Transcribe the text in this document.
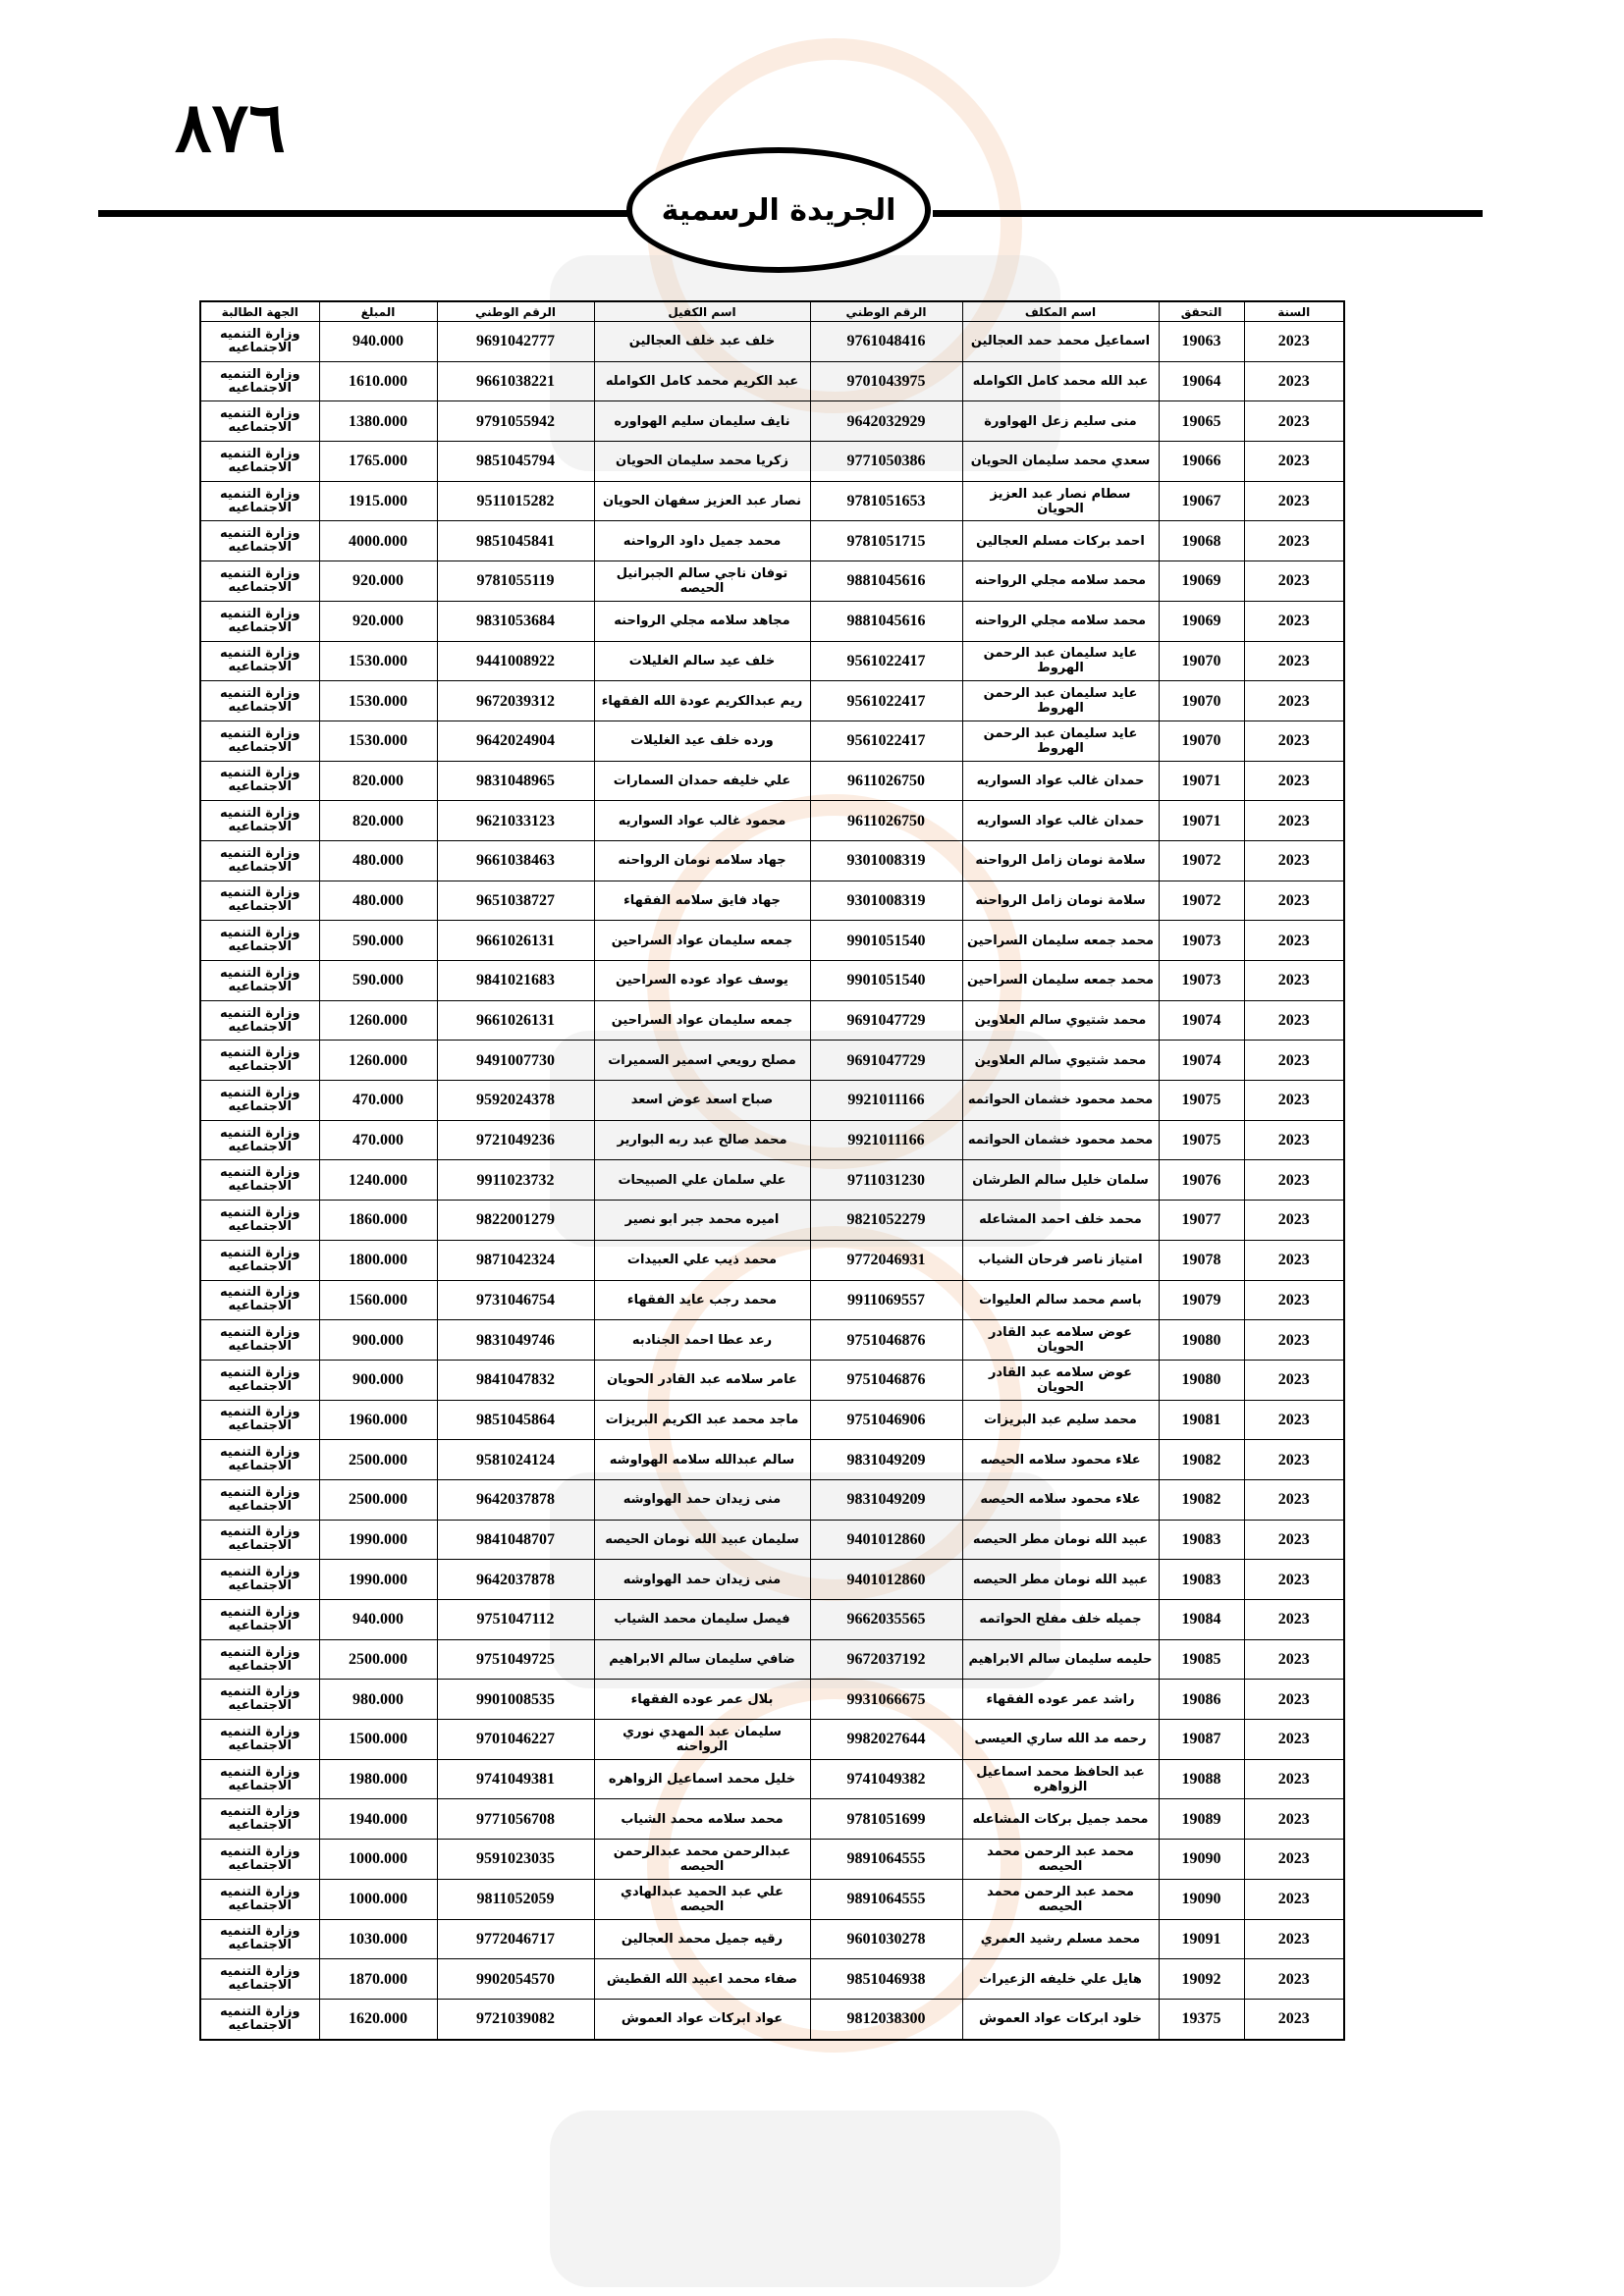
٨٧٦
الجريدة الرسمية
السنة	التحقق	اسم المكلف	الرقم الوطني	اسم الكفيل	الرقم الوطني	المبلغ	الجهة الطالبة
2023	19063	اسماعيل محمد حمد العجالين	9761048416	خلف عبد خلف العجالين	9691042777	940.000	وزارة التنميه الاجتماعيه
2023	19064	عبد الله محمد كامل الكوامله	9701043975	عبد الكريم محمد كامل الكوامله	9661038221	1610.000	وزارة التنميه الاجتماعيه
2023	19065	منى سليم زعل الهواورة	9642032929	نايف سليمان سليم الهواوره	9791055942	1380.000	وزارة التنميه الاجتماعيه
2023	19066	سعدي محمد سليمان الحويان	9771050386	زكريا محمد سليمان الحويان	9851045794	1765.000	وزارة التنميه الاجتماعيه
2023	19067	سطام نصار عبد العزيز الحويان	9781051653	نصار عبد العزيز سفهان الحويان	9511015282	1915.000	وزارة التنميه الاجتماعيه
2023	19068	احمد بركات مسلم العجالين	9781051715	محمد جميل داود الرواحنه	9851045841	4000.000	وزارة التنميه الاجتماعيه
2023	19069	محمد سلامه مجلي الرواحنه	9881045616	توفان ناجي سالم الجبرانيل الحيصه	9781055119	920.000	وزارة التنميه الاجتماعيه
2023	19069	محمد سلامه مجلي الرواحنه	9881045616	مجاهد سلامه مجلي الرواحنه	9831053684	920.000	وزارة التنميه الاجتماعيه
2023	19070	عايد سليمان عبد الرحمن الهروط	9561022417	خلف عيد سالم الغليلات	9441008922	1530.000	وزارة التنميه الاجتماعيه
2023	19070	عايد سليمان عبد الرحمن الهروط	9561022417	ريم عبدالكريم عودة الله الفقهاء	9672039312	1530.000	وزارة التنميه الاجتماعيه
2023	19070	عايد سليمان عبد الرحمن الهروط	9561022417	ورده خلف عيد الغليلات	9642024904	1530.000	وزارة التنميه الاجتماعيه
2023	19071	حمدان غالب عواد السواريه	9611026750	علي خليفه حمدان السمارات	9831048965	820.000	وزارة التنميه الاجتماعيه
2023	19071	حمدان غالب عواد السواريه	9611026750	محمود غالب عواد السواريه	9621033123	820.000	وزارة التنميه الاجتماعيه
2023	19072	سلامة نومان زامل الرواحنه	9301008319	جهاد سلامه نومان الرواحنه	9661038463	480.000	وزارة التنميه الاجتماعيه
2023	19072	سلامة نومان زامل الرواحنه	9301008319	جهاد فايق سلامه الفقهاء	9651038727	480.000	وزارة التنميه الاجتماعيه
2023	19073	محمد جمعه سليمان السراحين	9901051540	جمعه سليمان عواد السراحين	9661026131	590.000	وزارة التنميه الاجتماعيه
2023	19073	محمد جمعه سليمان السراحين	9901051540	يوسف عواد عوده السراحين	9841021683	590.000	وزارة التنميه الاجتماعيه
2023	19074	محمد شتيوي سالم العلاوين	9691047729	جمعه سليمان عواد السراحين	9661026131	1260.000	وزارة التنميه الاجتماعيه
2023	19074	محمد شتيوي سالم العلاوين	9691047729	مصلح رويعي اسمير السميرات	9491007730	1260.000	وزارة التنميه الاجتماعيه
2023	19075	محمد محمود خشمان الحواتمه	9921011166	صباح اسعد عوض اسعد	9592024378	470.000	وزارة التنميه الاجتماعيه
2023	19075	محمد محمود خشمان الحواتمه	9921011166	محمد صالح عبد ربه البوارير	9721049236	470.000	وزارة التنميه الاجتماعيه
2023	19076	سلمان خليل سالم الطرشان	9711031230	علي سلمان علي الصبيحات	9911023732	1240.000	وزارة التنميه الاجتماعيه
2023	19077	محمد خلف احمد المشاعله	9821052279	اميره محمد جبر ابو نصير	9822001279	1860.000	وزارة التنميه الاجتماعيه
2023	19078	امتياز ناصر فرحان الشياب	9772046931	محمد ذيب علي العبيدات	9871042324	1800.000	وزارة التنميه الاجتماعيه
2023	19079	باسم محمد سالم العليوات	9911069557	محمد رجب عايد الفقهاء	9731046754	1560.000	وزارة التنميه الاجتماعيه
2023	19080	عوض سلامه عبد القادر الحويان	9751046876	رعد عطا احمد الجنادبه	9831049746	900.000	وزارة التنميه الاجتماعيه
2023	19080	عوض سلامه عبد القادر الحويان	9751046876	عامر سلامه عبد القادر الحويان	9841047832	900.000	وزارة التنميه الاجتماعيه
2023	19081	محمد سليم عبد البريزات	9751046906	ماجد محمد عبد الكريم البريزات	9851045864	1960.000	وزارة التنميه الاجتماعيه
2023	19082	علاء محمود سلامه الحيصه	9831049209	سالم عبدالله سلامه الهواوشه	9581024124	2500.000	وزارة التنميه الاجتماعيه
2023	19082	علاء محمود سلامه الحيصه	9831049209	منى زيدان حمد الهواوشه	9642037878	2500.000	وزارة التنميه الاجتماعيه
2023	19083	عبيد الله نومان مطر الحيصه	9401012860	سليمان عبيد الله نومان الحيصه	9841048707	1990.000	وزارة التنميه الاجتماعيه
2023	19083	عبيد الله نومان مطر الحيصه	9401012860	منى زيدان حمد الهواوشه	9642037878	1990.000	وزارة التنميه الاجتماعيه
2023	19084	جميله خلف مفلح الحواتمه	9662035565	فيصل سليمان محمد الشياب	9751047112	940.000	وزارة التنميه الاجتماعيه
2023	19085	حليمه سليمان سالم الابراهيم	9672037192	ضافي سليمان سالم الابراهيم	9751049725	2500.000	وزارة التنميه الاجتماعيه
2023	19086	راشد عمر عوده الفقهاء	9931066675	بلال عمر عوده الفقهاء	9901008535	980.000	وزارة التنميه الاجتماعيه
2023	19087	رحمه مد الله ساري العيسى	9982027644	سليمان عبد المهدي نوري الرواحنه	9701046227	1500.000	وزارة التنميه الاجتماعيه
2023	19088	عبد الحافظ محمد اسماعيل الزواهره	9741049382	خليل محمد اسماعيل الزواهره	9741049381	1980.000	وزارة التنميه الاجتماعيه
2023	19089	محمد جميل بركات المشاعله	9781051699	محمد سلامه محمد الشياب	9771056708	1940.000	وزارة التنميه الاجتماعيه
2023	19090	محمد عبد الرحمن محمد الحيصه	9891064555	عبدالرحمن محمد عبدالرحمن الحيصه	9591023035	1000.000	وزارة التنميه الاجتماعيه
2023	19090	محمد عبد الرحمن محمد الحيصه	9891064555	علي عبد الحميد عبدالهادي الحيصه	9811052059	1000.000	وزارة التنميه الاجتماعيه
2023	19091	محمد مسلم رشيد العمري	9601030278	رقيه جميل محمد العجالين	9772046717	1030.000	وزارة التنميه الاجتماعيه
2023	19092	هايل علي خليفه الزعيرات	9851046938	صفاء محمد اعبيد الله القطيش	9902054570	1870.000	وزارة التنميه الاجتماعيه
2023	19375	خلود ابركات عواد العموش	9812038300	عواد ابركات عواد العموش	9721039082	1620.000	وزارة التنميه الاجتماعيه
